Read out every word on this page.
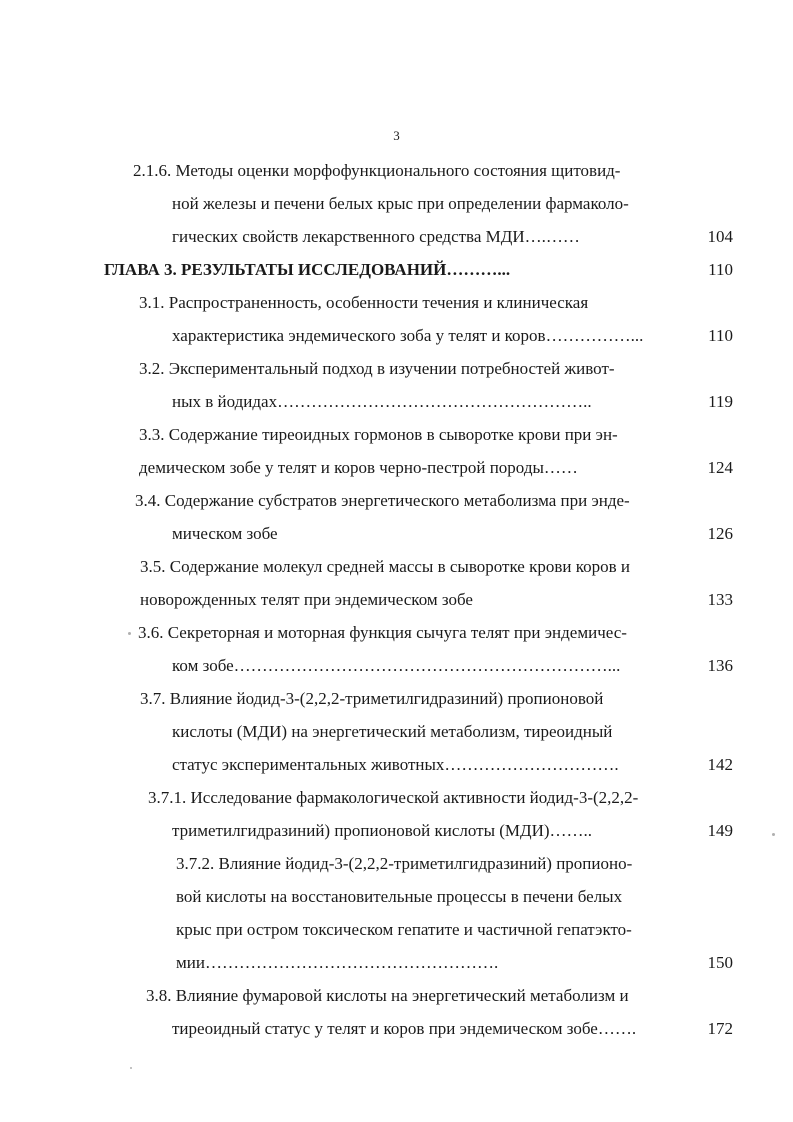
3
2.1.6. Методы оценки морфофункционального состояния щитовид-
ной железы и печени белых крыс при определении фармаколо-
гических свойств лекарственного средства МДИ….……	104
ГЛАВА 3. РЕЗУЛЬТАТЫ ИССЛЕДОВАНИЙ………...	110
3.1. Распространенность, особенности течения и клиническая
характеристика эндемического зоба у телят и коров……………...	110
3.2. Экспериментальный подход в изучении потребностей живот-
ных в йодидах………………………………………………..	119
3.3. Содержание тиреоидных гормонов в сыворотке крови при эн-
демическом зобе у телят и коров черно-пестрой породы……	124
3.4. Содержание субстратов энергетического метаболизма при энде-
мическом зобе	126
3.5. Содержание молекул средней массы в сыворотке крови коров и
новорожденных телят при эндемическом зобе	133
3.6. Секреторная и моторная функция сычуга телят при эндемичес-
ком зобе…………………………………………………………...	136
3.7. Влияние йодид-3-(2,2,2-триметилгидразиний) пропионовой
кислоты (МДИ) на энергетический метаболизм, тиреоидный
статус экспериментальных животных………………………….	142
3.7.1. Исследование фармакологической активности йодид-3-(2,2,2-
триметилгидразиний) пропионовой кислоты (МДИ)……..	149
3.7.2. Влияние йодид-3-(2,2,2-триметилгидразиний) пропионо-
вой кислоты на восстановительные процессы в печени белых
крыс при остром токсическом гепатите и частичной гепатэкто-
мии…………………………………………….	150
3.8. Влияние фумаровой кислоты на энергетический метаболизм и
тиреоидный статус у телят и коров при эндемическом зобе…….	172
